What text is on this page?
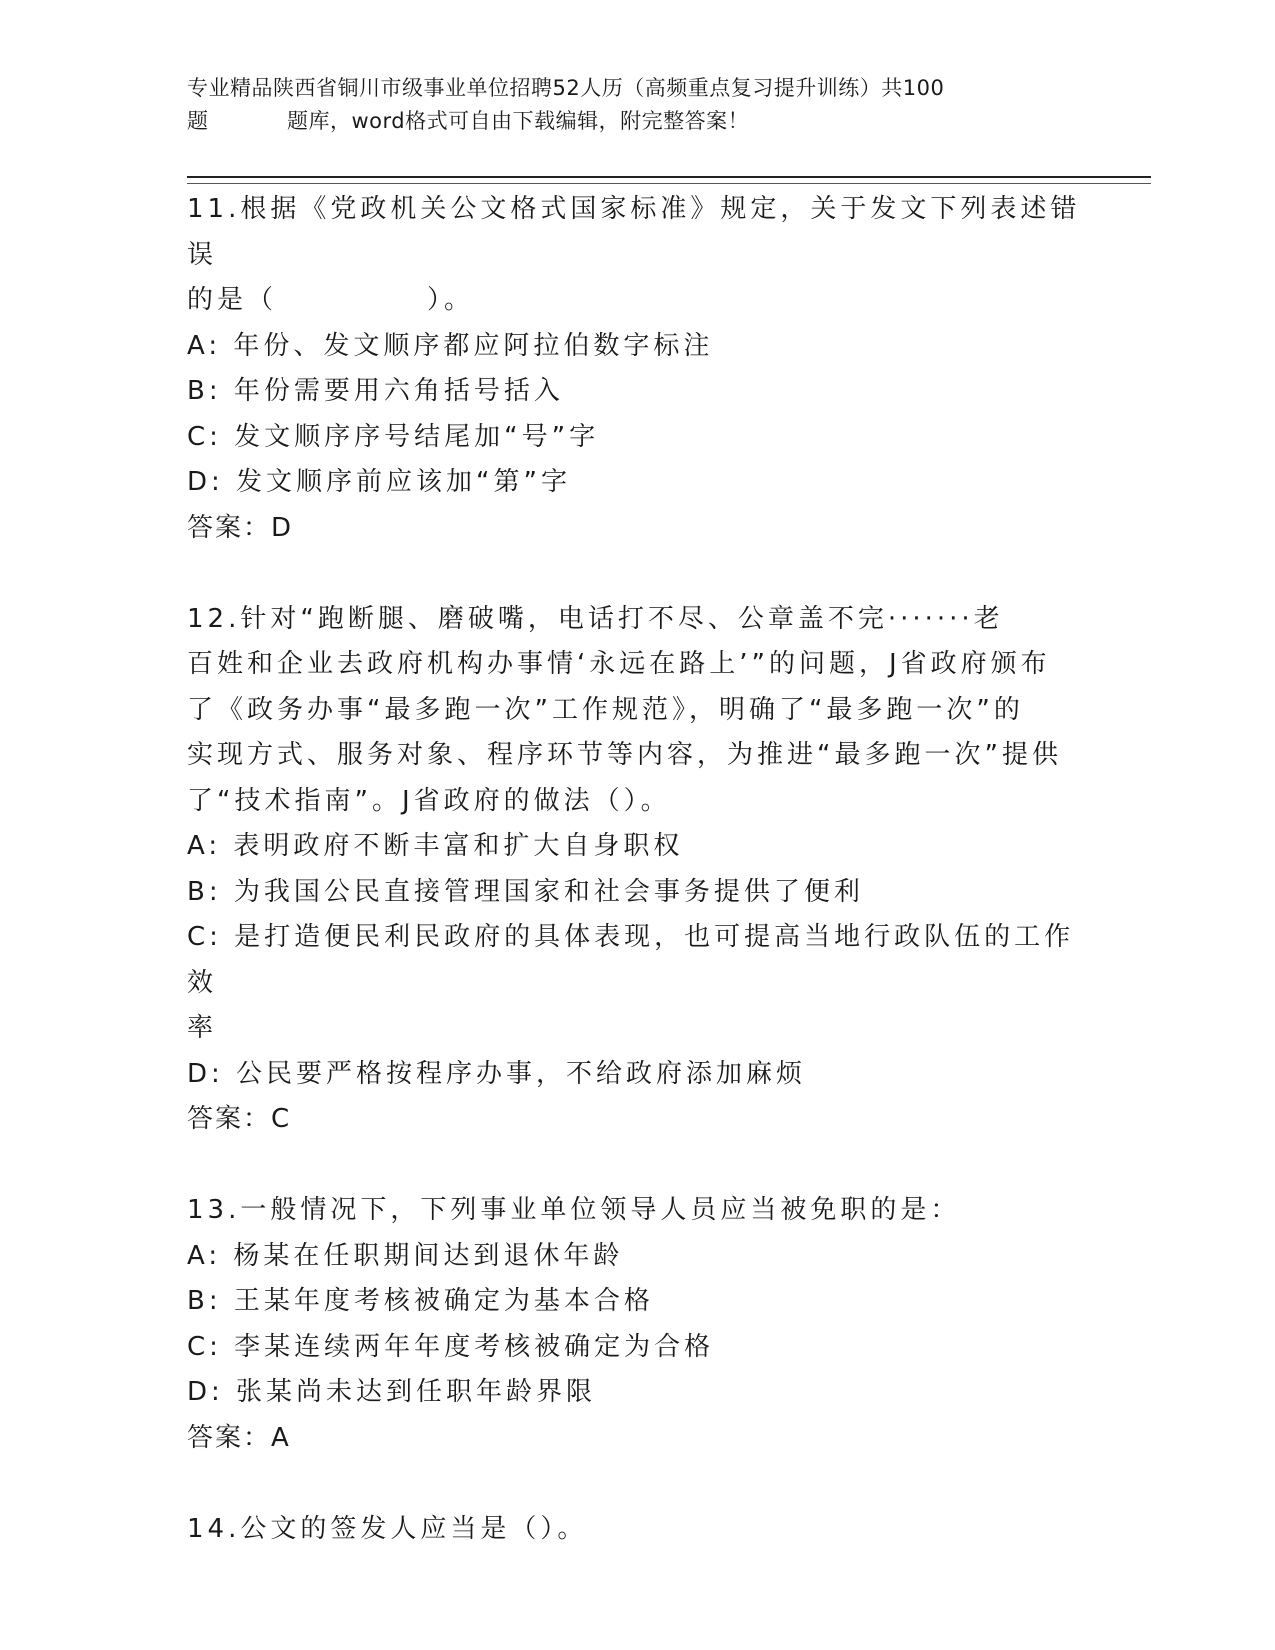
专业精品陕西省铜川市级事业单位招聘52人历（高频重点复习提升训练）共100
题	题库，word格式可自由下载编辑，附完整答案！

11.根据《党政机关公文格式国家标准》规定，关于发文下列表述错误

的是（　　　　　）。

A: 年份、发文顺序都应阿拉伯数字标注

B: 年份需要用六角括号括入

C: 发文顺序序号结尾加“号”字

D: 发文顺序前应该加“第”字

答案：D

12.针对“跑断腿、磨破嘴，电话打不尽、公章盖不完·······老

百姓和企业去政府机构办事情‘永远在路上’”的问题，J省政府颁布

了《政务办事“最多跑一次”工作规范》，明确了“最多跑一次”的

实现方式、服务对象、程序环节等内容，为推进“最多跑一次”提供

了“技术指南”。J省政府的做法（）。

A: 表明政府不断丰富和扩大自身职权

B: 为我国公民直接管理国家和社会事务提供了便利

C: 是打造便民利民政府的具体表现，也可提高当地行政队伍的工作效

率

D: 公民要严格按程序办事，不给政府添加麻烦

答案：C

13.一般情况下，下列事业单位领导人员应当被免职的是：

A: 杨某在任职期间达到退休年龄

B: 王某年度考核被确定为基本合格

C: 李某连续两年年度考核被确定为合格

D: 张某尚未达到任职年龄界限

答案：A

14.公文的签发人应当是（）。
